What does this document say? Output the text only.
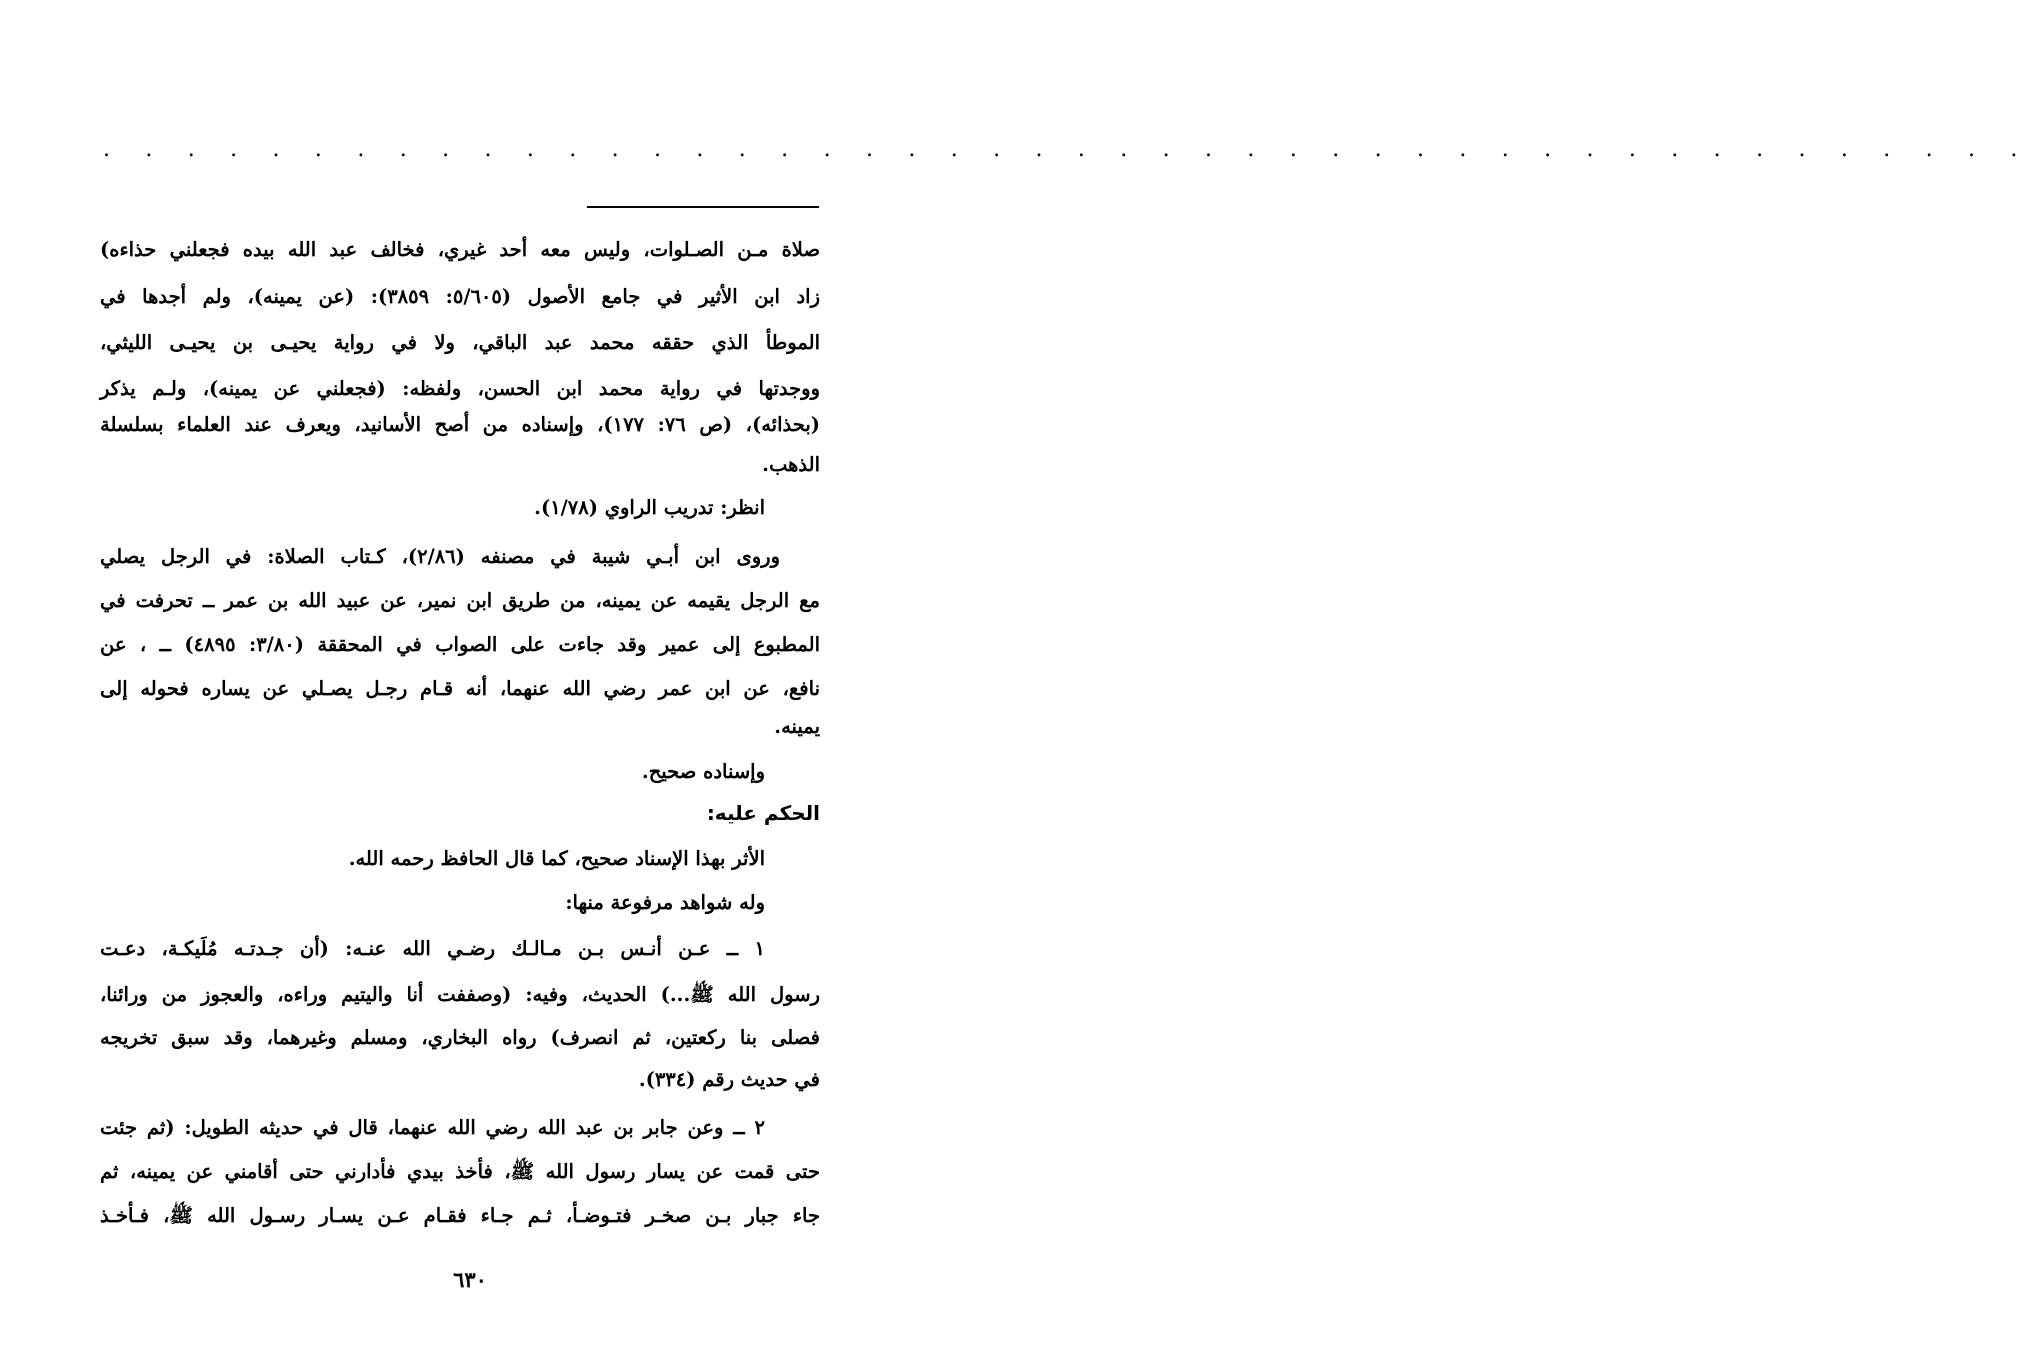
. . . . . . . . . . . . . . . . . . . . . . . . . . . . . . . . . . . . . . . . . . . . . .
صلاة مـن الصـلوات، وليس معه أحد غيري، فخالف عبد الله بيده فجعلني حذاءه)
زاد ابن الأثير في جامع الأصول (٥/٦٠٥: ٣٨٥٩): (عن يمينه)، ولم أجدها في
الموطأ الذي حققه محمد عبد الباقي، ولا في رواية يحيـى بن يحيـى الليثي،
ووجدتها في رواية محمد ابن الحسن، ولفظه: (فجعلني عن يمينه)، ولـم يذكر
(بحذائه)، (ص ٧٦: ١٧٧)، وإسناده من أصح الأسانيد، ويعرف عند العلماء بسلسلة
الذهب.
انظر: تدريب الراوي (١/٧٨).
وروى ابن أبـي شيبة في مصنفه (٢/٨٦)، كـتاب الصلاة: في الرجل يصلي
مع الرجل يقيمه عن يمينه، من طريق ابن نمير، عن عبيد الله بن عمر ــ تحرفت في
المطبوع إلى عمير وقد جاءت على الصواب في المحققة (٣/٨٠: ٤٨٩٥) ــ ، عن
نافع، عن ابن عمر رضي الله عنهما، أنه قـام رجـل يصـلي عن يساره فحوله إلى
يمينه.
وإسناده صحيح.
الحكم عليه:
الأثر بهذا الإسناد صحيح، كما قال الحافظ رحمه الله.
وله شواهد مرفوعة منها:
١ ــ عـن أنـس بـن مـالـك رضـي الله عنـه: (أن جـدتـه مُلَيكـة، دعـت
رسول الله ﷺ...) الحديث، وفيه: (وصففت أنا واليتيم وراءه، والعجوز من ورائنا،
فصلى بنا ركعتين، ثم انصرف) رواه البخاري، ومسلم وغيرهما، وقد سبق تخريجه
في حديث رقم (٣٣٤).
٢ ــ وعن جابر بن عبد الله رضي الله عنهما، قال في حديثه الطويل: (ثم جئت
حتى قمت عن يسار رسول الله ﷺ، فأخذ بيدي فأدارني حتى أقامني عن يمينه، ثم
جاء جبار بـن صخـر فتـوضـأ، ثـم جـاء فقـام عـن يسـار رسـول الله ﷺ، فـأخـذ
٦٣٠
